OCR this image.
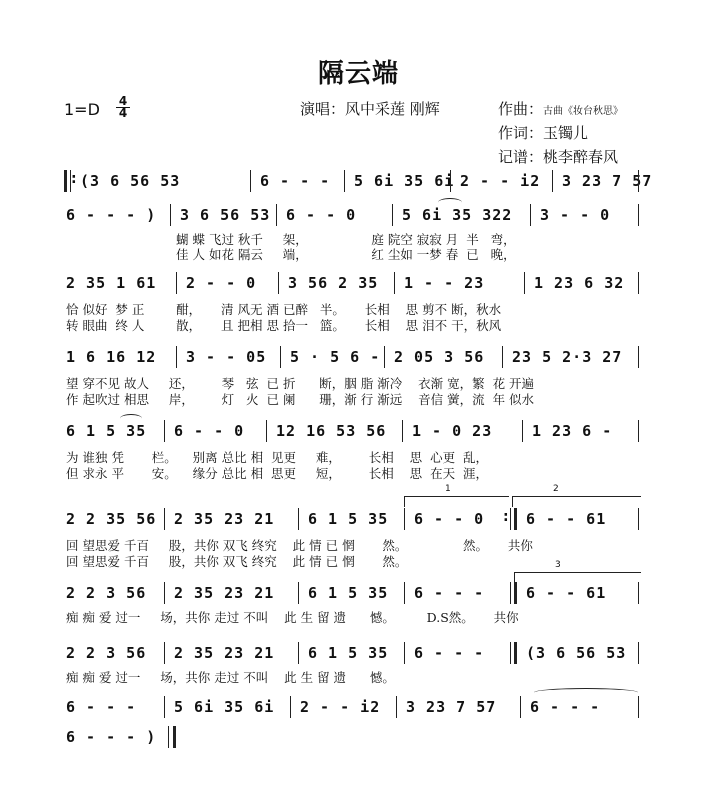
隔云端
1=D 4
4	演唱：风中采莲 刚辉	作曲：古曲《妆台秋思》
作词：玉镯儿
记谱：桃李醉春风
:
(3 6 56 53	6 - - - 5 6i 35 6i 2 - - i2 3 23 7 57
6 - - - ) 3 6 56 53 6 - - 0	5 6i 35 322 3 - - 0
蝴 蝶 飞过 秋千     架，                庭 院空 寂寂 月  半   弯，
佳 人 如花 隔云     端，                红 尘如 一梦 春  已   晚，
2 35 1 61 2 - - 0 3 56 2 35 1 - - 23	1 23 6 32
恰 似好  梦 正        酣，     清 风无 酒 已醉   半。     长相    思 剪不 断，秋水
转 眼曲  终 人        散，     且 把相 思 拾一   篮。     长相    思 泪不 干，秋风
1 6 16 12 3 - - 05 5 · 5 6 - 2 05 3 56 23 5 2·3 27
望 穿不见 故人     还，       琴   弦  已 折      断，胭 脂 渐冷    衣渐 宽，繁  花 开遍
作 起吹过 相思     岸，       灯   火  已 阑      珊，渐 行 渐远    音信 黉，流  年 似水
6 1 5 35 6 - - 0 12 16 53 56 1 - 0 23	1 23 6 -
为 谁独 凭       栏。    别离 总比 相  见更     难，       长相    思  心更  乱，
但 求永 平       安。    缘分 总比 相  思更     短，       长相    思  在天  涯，
1	2
2 2 35 56 2 35 23 21 6 1 5 35 6 - - 0
:	6 - - 61
回 望思爱 千百     股，共你 双飞 终究    此 情 已 惘       然。              然。     共你
回 望思爱 千百     股，共你 双飞 终究    此 情 已 惘       然。	3
2 2 3 56 2 35 23 21 6 1 5 35 6 - - -	6 - - 61
痴 痴 爱 过一     场，共你 走过 不叫    此 生 留 遗      憾。        D.S然。     共你
2 2 3 56 2 35 23 21 6 1 5 35 6 - - -	(3 6 56 53
痴 痴 爱 过一     场，共你 走过 不叫    此 生 留 遗      憾。
6 - - -	5 6i 35 6i 2 - - i2 3 23 7 57 6 - - -
6 - - - )
